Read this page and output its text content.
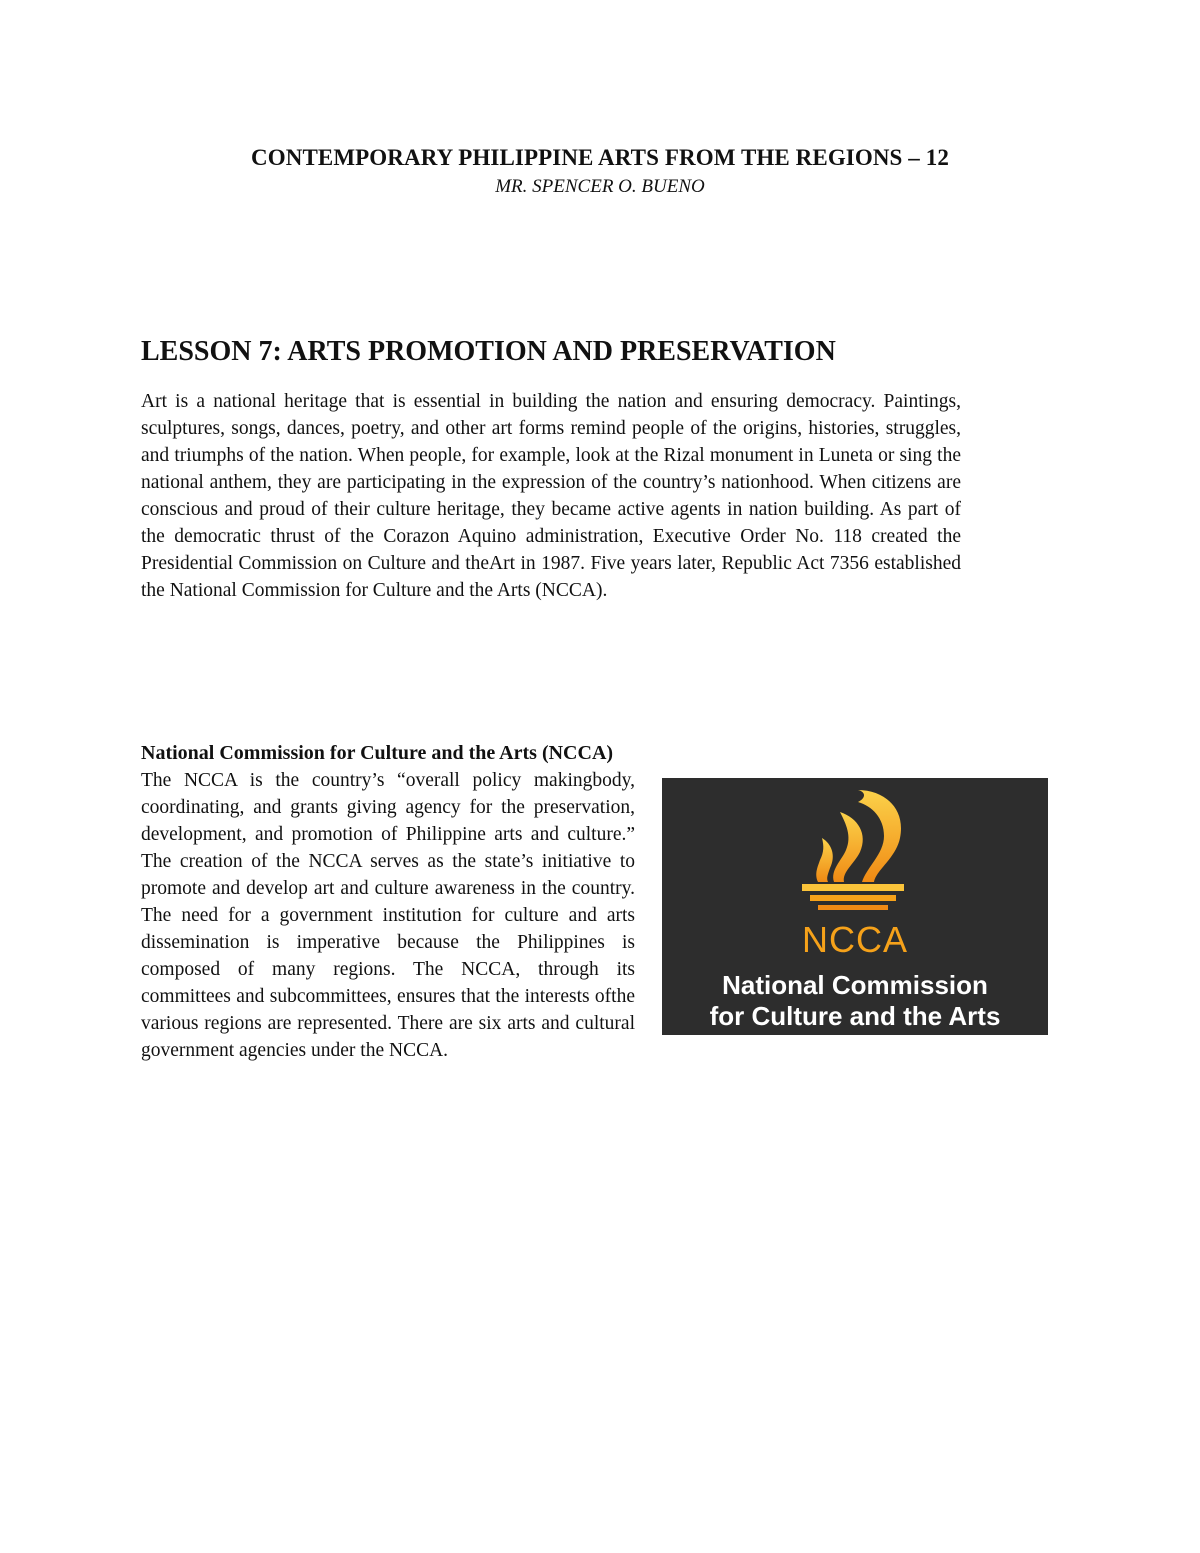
CONTEMPORARY PHILIPPINE ARTS FROM THE REGIONS – 12

MR. SPENCER O. BUENO

LESSON 7: ARTS PROMOTION AND PRESERVATION

Art is a national heritage that is essential in building the nation and ensuring democracy. Paintings, sculptures, songs, dances, poetry, and other art forms remind people of the origins, histories, struggles, and triumphs of the nation. When people, for example, look at the Rizal monument in Luneta or sing the national anthem, they are participating in the expression of the country’s nationhood. When citizens are conscious and proud of their culture heritage, they became active agents in nation building. As part of the democratic thrust of the Corazon Aquino administration, Executive Order No. 118 created the Presidential Commission on Culture and theArt in 1987. Five years later, Republic Act 7356 established the National Commission for Culture and the Arts (NCCA).

National Commission for Culture and the Arts (NCCA)

The NCCA is the country’s “overall policy makingbody, coordinating, and grants giving agency for the preservation, development, and promotion of Philippine arts and culture.” The creation of the NCCA serves as the state’s initiative to promote and develop art and culture awareness in the country. The need for a government institution for culture and arts dissemination is imperative because the Philippines is composed of many regions. The NCCA, through its committees and subcommittees, ensures that the interests ofthe various regions are represented. There are six arts and cultural government agencies under the NCCA.

NCCA
National Commission
for Culture and the Arts
